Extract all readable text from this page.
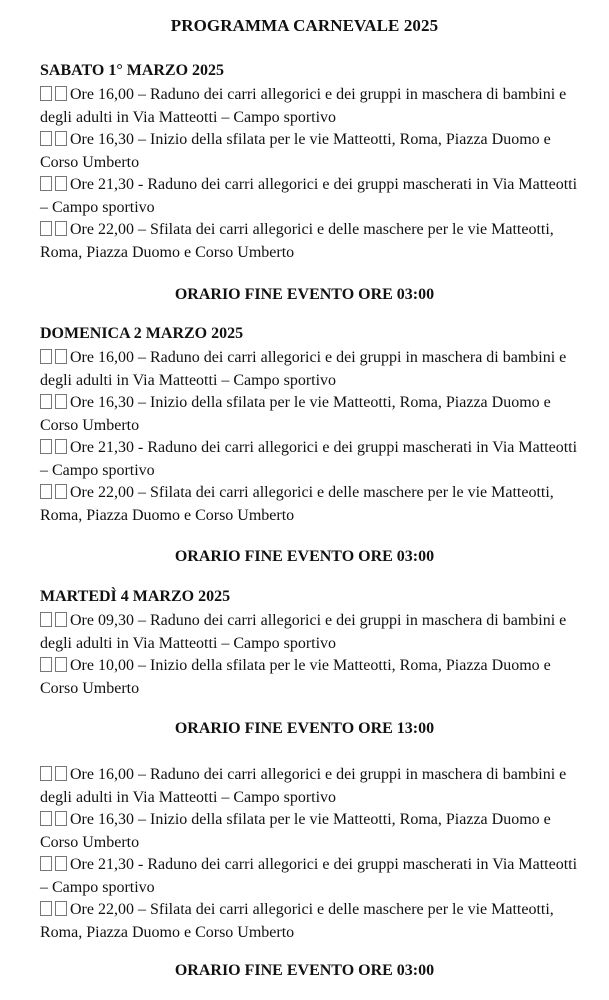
PROGRAMMA CARNEVALE 2025
SABATO 1° MARZO 2025
Ore 16,00 – Raduno dei carri allegorici e dei gruppi in maschera di bambini e degli adulti in Via Matteotti – Campo sportivo
Ore 16,30 – Inizio della sfilata per le vie Matteotti, Roma, Piazza Duomo e Corso Umberto
Ore 21,30 - Raduno dei carri allegorici e dei gruppi mascherati in Via Matteotti – Campo sportivo
Ore 22,00 – Sfilata dei carri allegorici e delle maschere per le vie Matteotti, Roma, Piazza Duomo e Corso Umberto
ORARIO FINE EVENTO ORE 03:00
DOMENICA 2 MARZO 2025
Ore 16,00 – Raduno dei carri allegorici e dei gruppi in maschera di bambini e degli adulti in Via Matteotti – Campo sportivo
Ore 16,30 – Inizio della sfilata per le vie Matteotti, Roma, Piazza Duomo e Corso Umberto
Ore 21,30 - Raduno dei carri allegorici e dei gruppi mascherati in Via Matteotti – Campo sportivo
Ore 22,00 – Sfilata dei carri allegorici e delle maschere per le vie Matteotti, Roma, Piazza Duomo e Corso Umberto
ORARIO FINE EVENTO ORE 03:00
MARTEDÌ 4 MARZO 2025
Ore 09,30 – Raduno dei carri allegorici e dei gruppi in maschera di bambini e degli adulti in Via Matteotti – Campo sportivo
Ore 10,00 – Inizio della sfilata per le vie Matteotti, Roma, Piazza Duomo e Corso Umberto
ORARIO FINE EVENTO ORE 13:00
Ore 16,00 – Raduno dei carri allegorici e dei gruppi in maschera di bambini e degli adulti in Via Matteotti – Campo sportivo
Ore 16,30 – Inizio della sfilata per le vie Matteotti, Roma, Piazza Duomo e Corso Umberto
Ore 21,30 - Raduno dei carri allegorici e dei gruppi mascherati in Via Matteotti – Campo sportivo
Ore 22,00 – Sfilata dei carri allegorici e delle maschere per le vie Matteotti, Roma, Piazza Duomo e Corso Umberto
ORARIO FINE EVENTO ORE 03:00
